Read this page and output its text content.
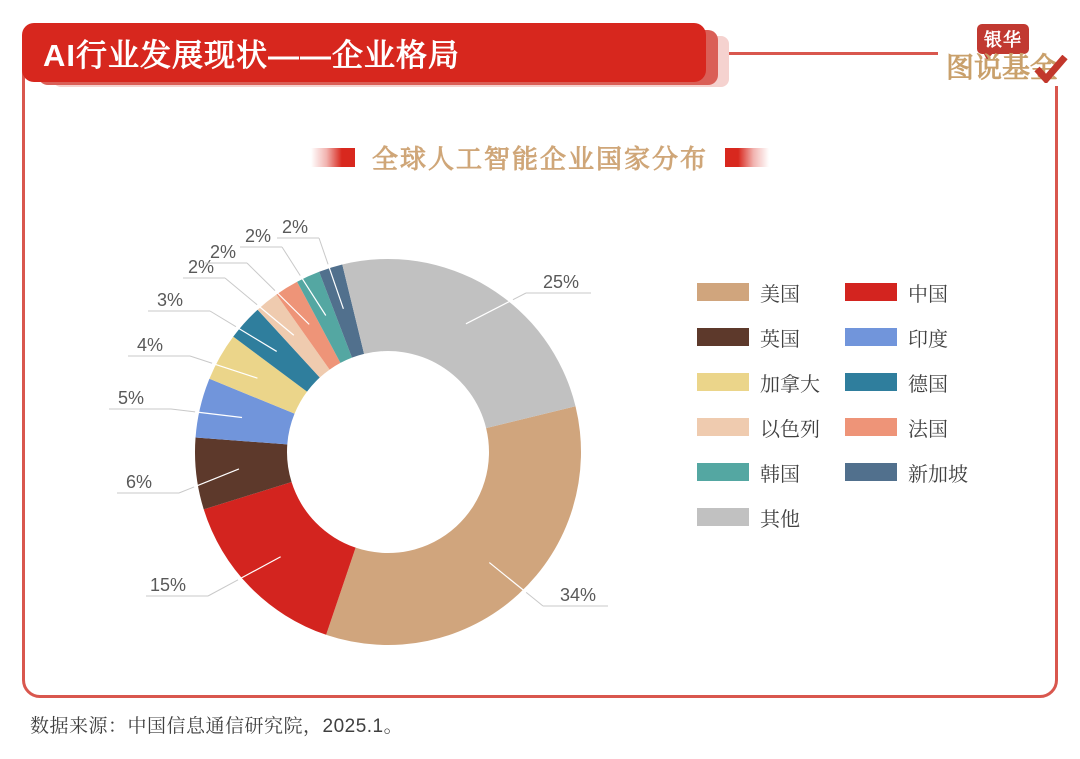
AI行业发展现状——企业格局	银华
图说基金
全球人工智能企业国家分布
34%
15%
6%
5%
4%
3%
2%
2%
2% 2%
25%
美国	中国
英国	印度
加拿大	德国
以色列	法国
韩国	新加坡
其他
数据来源：中国信息通信研究院，2025.1。
